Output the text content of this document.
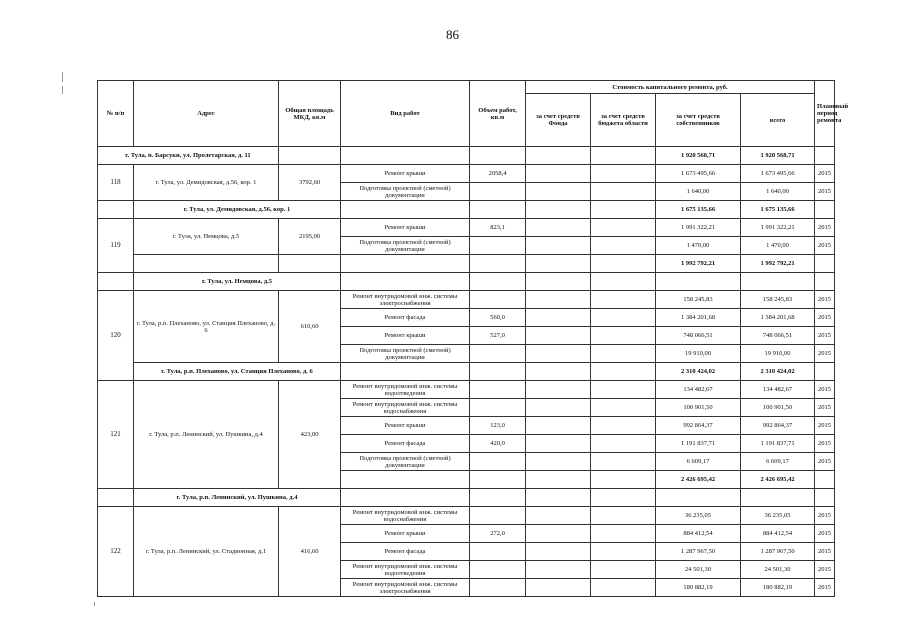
86
№ п/п	Адрес	Общая площадь МКД, кв.м	Вид работ	Объем работ, кв.м	Стоимость капитального ремонта, руб.				Плановый период ремонта
					за счет средств Фонда	за счет средств бюджета области	за счет средств собственников	всего	
г. Тула, п. Барсуки, ул. Пролетарская, д. 11							1 920 568,71	1 920 568,71	
118	г. Тула, ул. Демидовская, д.56, кор. 1	3792,60	Ремонт крыши	2058,4			1 673 495,66	1 673 495,66	2015
			Подготовка проектной (сметной) документации				1 640,00	1 640,00	2015
	г. Тула, ул. Демидовская, д.56, кор. 1						1 675 135,66	1 675 135,66	
119	г. Тула, ул. Немцова, д.5	2195,00	Ремонт крыши	823,1			1 991 322,21	1 991 322,21	2015
			Подготовка проектной (сметной) документации				1 470,00	1 470,00	2015
							1 992 792,21	1 992 792,21	
	г. Тула, ул. Немцова, д.5								
120	г. Тула, р.п. Плеханово, ул. Станция Плеханово, д. 6	610,60	Ремонт внутридомовой инж. системы электроснабжения				158 245,83	158 245,83	2015
			Ремонт фасада	560,0			1 384 201,68	1 384 201,68	2015
			Ремонт крыши	527,0			748 066,51	748 066,51	2015
			Подготовка проектной (сметной) документации				19 910,00	19 910,00	2015
	г. Тула, р.п. Плеханово, ул. Станция Плеханово, д. 6						2 310 424,02	2 310 424,02	
121	г. Тула, р.п. Ленинский, ул. Пушкина, д.4	423,00	Ремонт внутридомовой инж. системы водоотведения				134 482,67	134 482,67	2015
			Ремонт внутридомовой инж. системы водоснабжения				100 901,50	100 901,50	2015
			Ремонт крыши	123,0			992 864,37	992 864,37	2015
			Ремонт фасада	420,0			1 191 837,71	1 191 837,71	2015
			Подготовка проектной (сметной) документации				6 609,17	6 609,17	2015
							2 426 695,42	2 426 695,42	
	г. Тула, р.п. Ленинский, ул. Пушкина, д.4								
122	г. Тула, р.п. Ленинский, ул. Стадионная, д.1	416,60	Ремонт внутридомовой инж. системы водоснабжения				36 235,05	36 235,05	2015
			Ремонт крыши	272,0			884 412,54	884 412,54	2015
			Ремонт фасада				1 287 967,50	1 287 967,50	2015
			Ремонт внутридомовой инж. системы водоотведения				24 501,30	24 501,30	2015
			Ремонт внутридомовой инж. системы электроснабжения				180 882,19	180 882,19	2015
